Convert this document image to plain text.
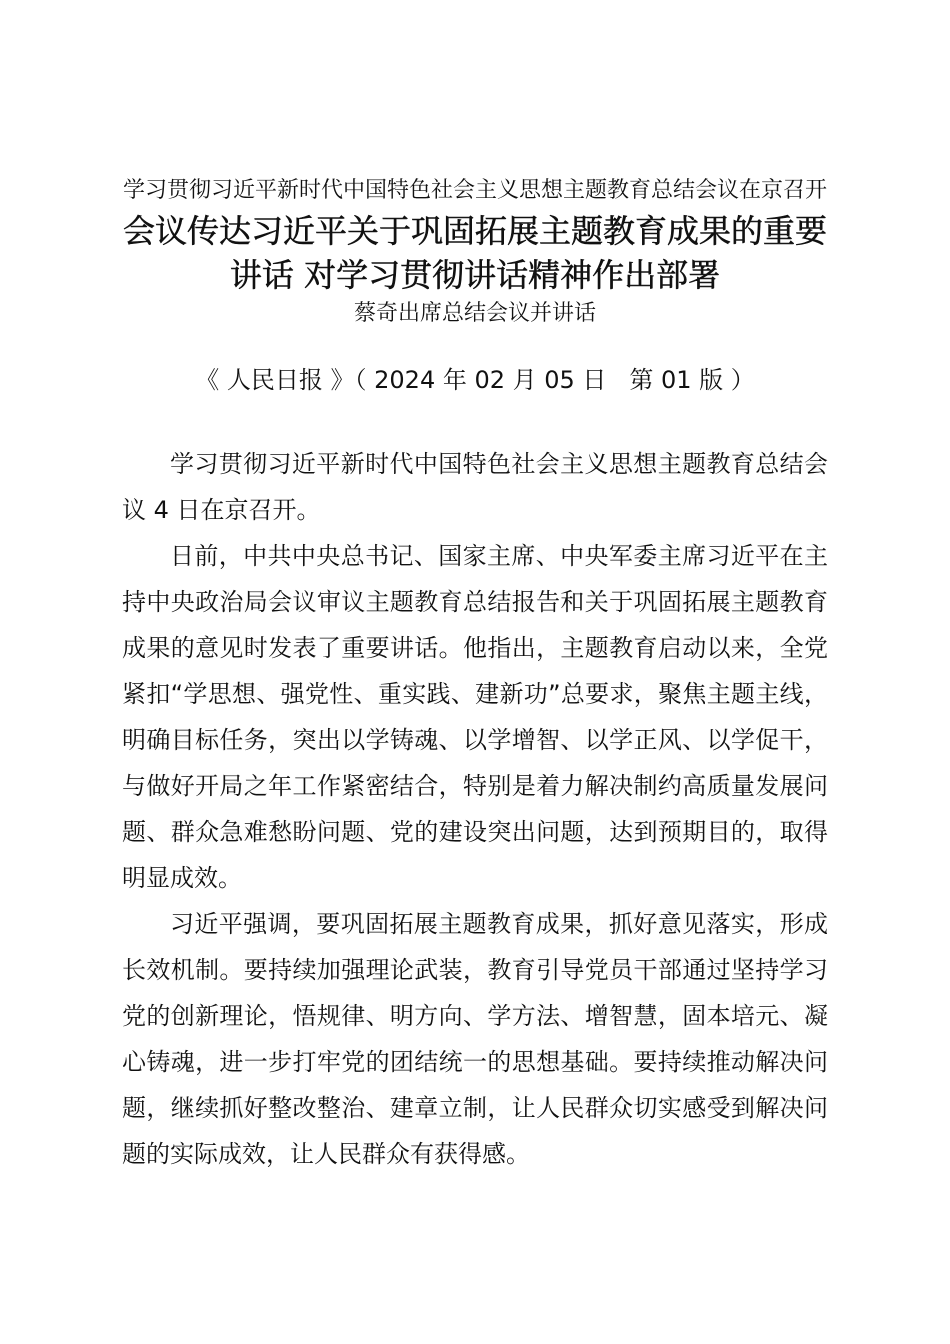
学习贯彻习近平新时代中国特色社会主义思想主题教育总结会议在京召开

会议传达习近平关于巩固拓展主题教育成果的重要讲话 对学习贯彻讲话精神作出部署

蔡奇出席总结会议并讲话

《 人民日报 》（ 2024 年 02 月 05 日   第 01 版 ）

学习贯彻习近平新时代中国特色社会主义思想主题教育总结会议 4 日在京召开。

日前，中共中央总书记、国家主席、中央军委主席习近平在主持中央政治局会议审议主题教育总结报告和关于巩固拓展主题教育成果的意见时发表了重要讲话。他指出，主题教育启动以来，全党紧扣“学思想、强党性、重实践、建新功”总要求，聚焦主题主线，明确目标任务，突出以学铸魂、以学增智、以学正风、以学促干，与做好开局之年工作紧密结合，特别是着力解决制约高质量发展问题、群众急难愁盼问题、党的建设突出问题，达到预期目的，取得明显成效。

习近平强调，要巩固拓展主题教育成果，抓好意见落实，形成长效机制。要持续加强理论武装，教育引导党员干部通过坚持学习党的创新理论，悟规律、明方向、学方法、增智慧，固本培元、凝心铸魂，进一步打牢党的团结统一的思想基础。要持续推动解决问题，继续抓好整改整治、建章立制，让人民群众切实感受到解决问题的实际成效，让人民群众有获得感。
